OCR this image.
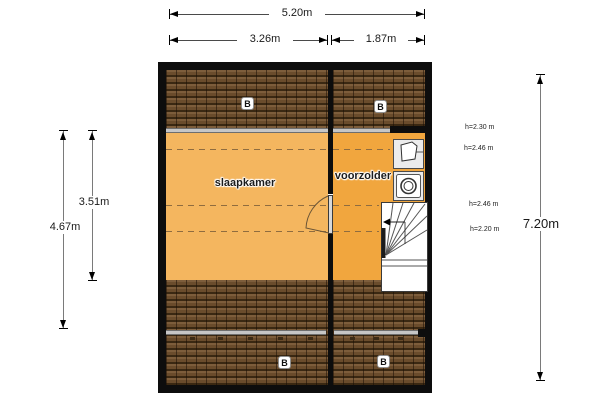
5.20m
3.26m	1.87m
3.51m
4.67m	7.20m
h=2.30 m
h=2.46 m
h=2.46 m
h=2.20 m
B	B
B	B
slaapkamer
voorzolder
